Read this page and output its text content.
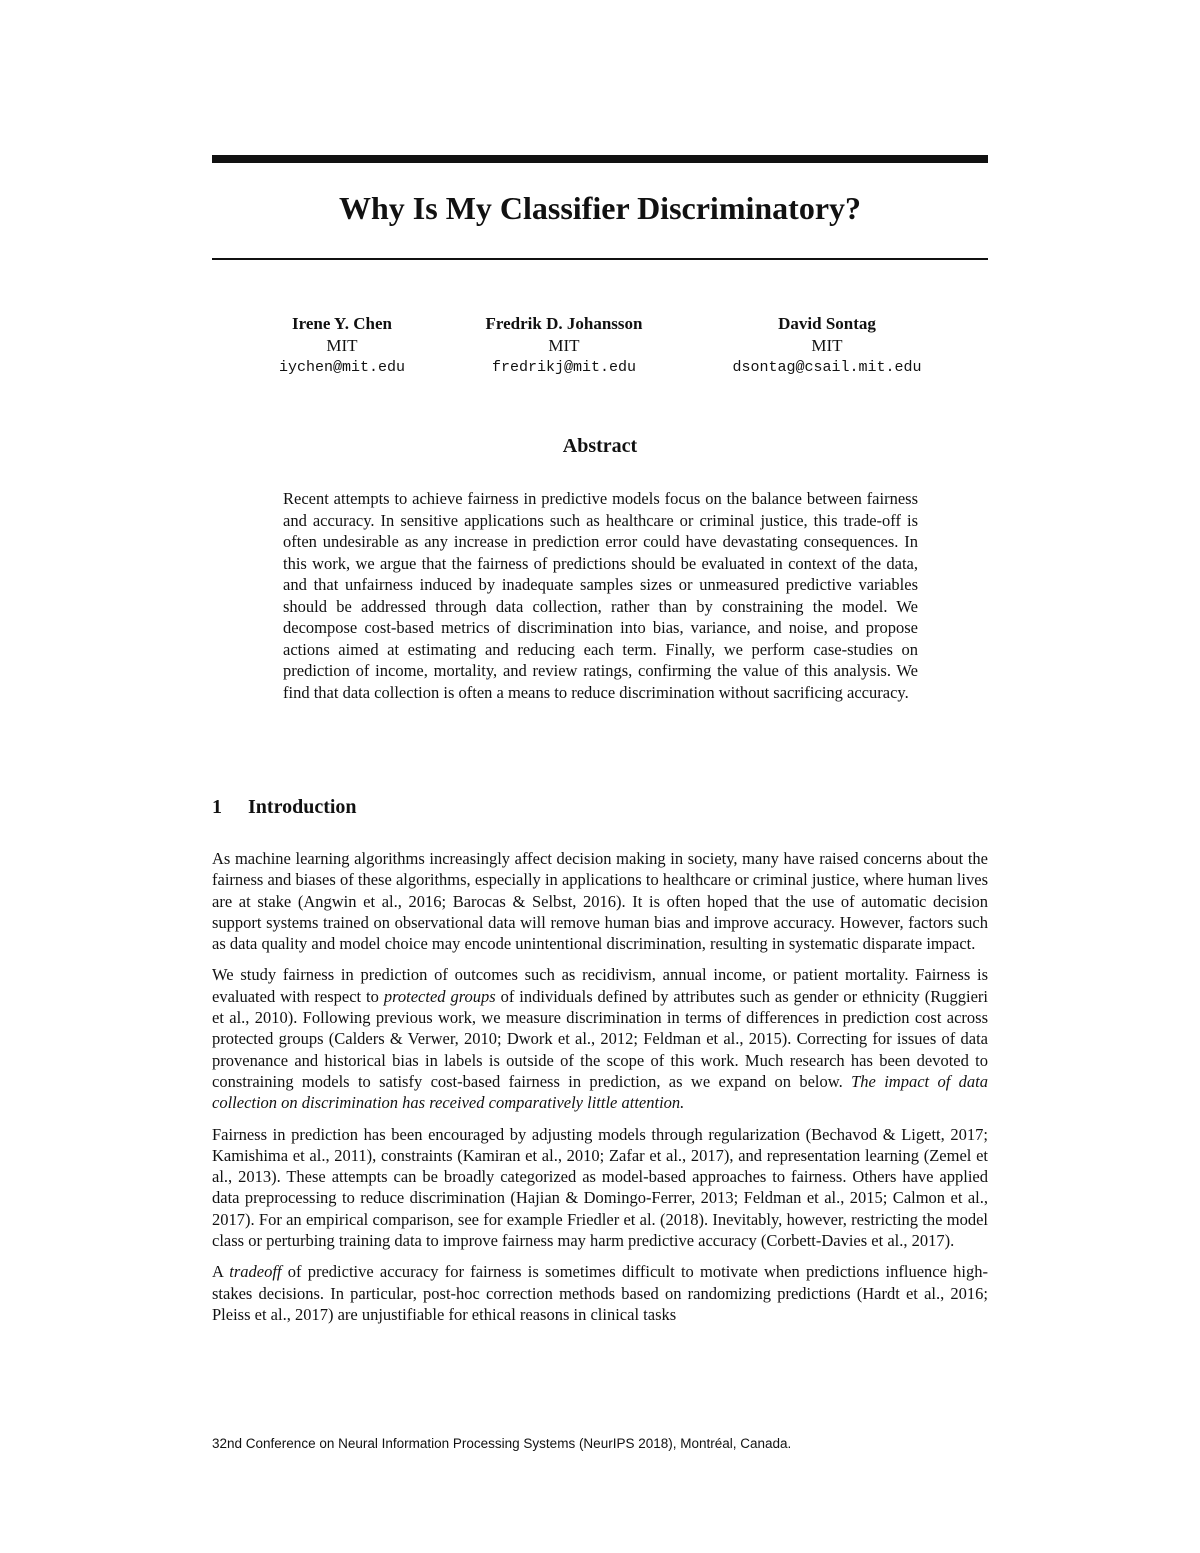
Why Is My Classifier Discriminatory?
Irene Y. Chen
MIT
iychen@mit.edu
Fredrik D. Johansson
MIT
fredrikj@mit.edu
David Sontag
MIT
dsontag@csail.mit.edu
Abstract

Recent attempts to achieve fairness in predictive models focus on the balance between fairness and accuracy. In sensitive applications such as healthcare or criminal justice, this trade-off is often undesirable as any increase in prediction error could have devastating consequences. In this work, we argue that the fairness of predictions should be evaluated in context of the data, and that unfairness induced by inadequate samples sizes or unmeasured predictive variables should be addressed through data collection, rather than by constraining the model. We decompose cost-based metrics of discrimination into bias, variance, and noise, and propose actions aimed at estimating and reducing each term. Finally, we perform case-studies on prediction of income, mortality, and review ratings, confirming the value of this analysis. We find that data collection is often a means to reduce discrimination without sacrificing accuracy.

1 Introduction

As machine learning algorithms increasingly affect decision making in society, many have raised concerns about the fairness and biases of these algorithms, especially in applications to healthcare or criminal justice, where human lives are at stake (Angwin et al., 2016; Barocas & Selbst, 2016). It is often hoped that the use of automatic decision support systems trained on observational data will remove human bias and improve accuracy. However, factors such as data quality and model choice may encode unintentional discrimination, resulting in systematic disparate impact.

We study fairness in prediction of outcomes such as recidivism, annual income, or patient mortality. Fairness is evaluated with respect to protected groups of individuals defined by attributes such as gender or ethnicity (Ruggieri et al., 2010). Following previous work, we measure discrimination in terms of differences in prediction cost across protected groups (Calders & Verwer, 2010; Dwork et al., 2012; Feldman et al., 2015). Correcting for issues of data provenance and historical bias in labels is outside of the scope of this work. Much research has been devoted to constraining models to satisfy cost-based fairness in prediction, as we expand on below. The impact of data collection on discrimination has received comparatively little attention.

Fairness in prediction has been encouraged by adjusting models through regularization (Bechavod & Ligett, 2017; Kamishima et al., 2011), constraints (Kamiran et al., 2010; Zafar et al., 2017), and representation learning (Zemel et al., 2013). These attempts can be broadly categorized as model-based approaches to fairness. Others have applied data preprocessing to reduce discrimination (Hajian & Domingo-Ferrer, 2013; Feldman et al., 2015; Calmon et al., 2017). For an empirical comparison, see for example Friedler et al. (2018). Inevitably, however, restricting the model class or perturbing training data to improve fairness may harm predictive accuracy (Corbett-Davies et al., 2017).

A tradeoff of predictive accuracy for fairness is sometimes difficult to motivate when predictions influence high-stakes decisions. In particular, post-hoc correction methods based on randomizing predictions (Hardt et al., 2016; Pleiss et al., 2017) are unjustifiable for ethical reasons in clinical tasks

32nd Conference on Neural Information Processing Systems (NeurIPS 2018), Montréal, Canada.
